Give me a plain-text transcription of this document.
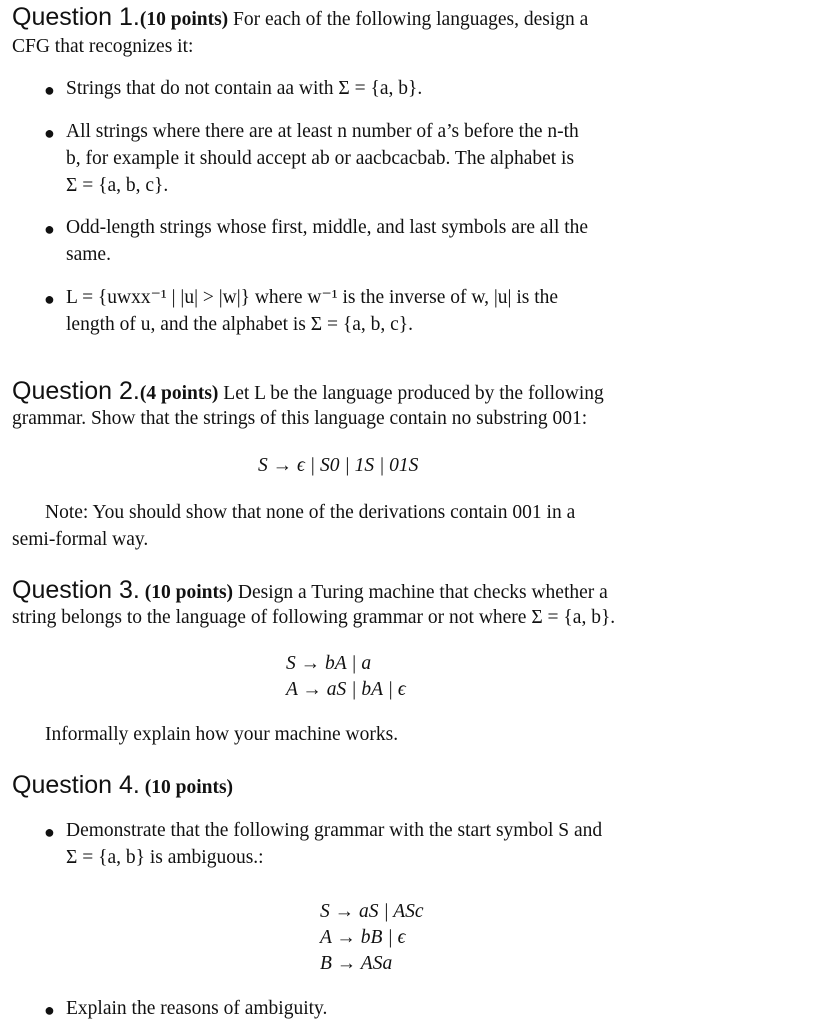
Question 1.(10 points) For each of the following languages, design a
CFG that recognizes it:
● Strings that do not contain aa with Σ = {a, b}.
● All strings where there are at least n number of a’s before the n-th
b, for example it should accept ab or aacbcacbab. The alphabet is
Σ = {a, b, c}.
● Odd-length strings whose first, middle, and last symbols are all the
same.
● L = {uwxx⁻¹ | |u| > |w|} where w⁻¹ is the inverse of w, |u| is the
length of u, and the alphabet is Σ = {a, b, c}.
Question 2.(4 points) Let L be the language produced by the following
grammar. Show that the strings of this language contain no substring 001:
S → ϵ | S0 | 1S | 01S
Note: You should show that none of the derivations contain 001 in a
semi-formal way.
Question 3. (10 points) Design a Turing machine that checks whether a
string belongs to the language of following grammar or not where Σ = {a, b}.
S → bA | a
A → aS | bA | ϵ
Informally explain how your machine works.
Question 4. (10 points)
● Demonstrate that the following grammar with the start symbol S and
Σ = {a, b} is ambiguous.:
S → aS | ASc
A → bB | ϵ
B → ASa
● Explain the reasons of ambiguity.
